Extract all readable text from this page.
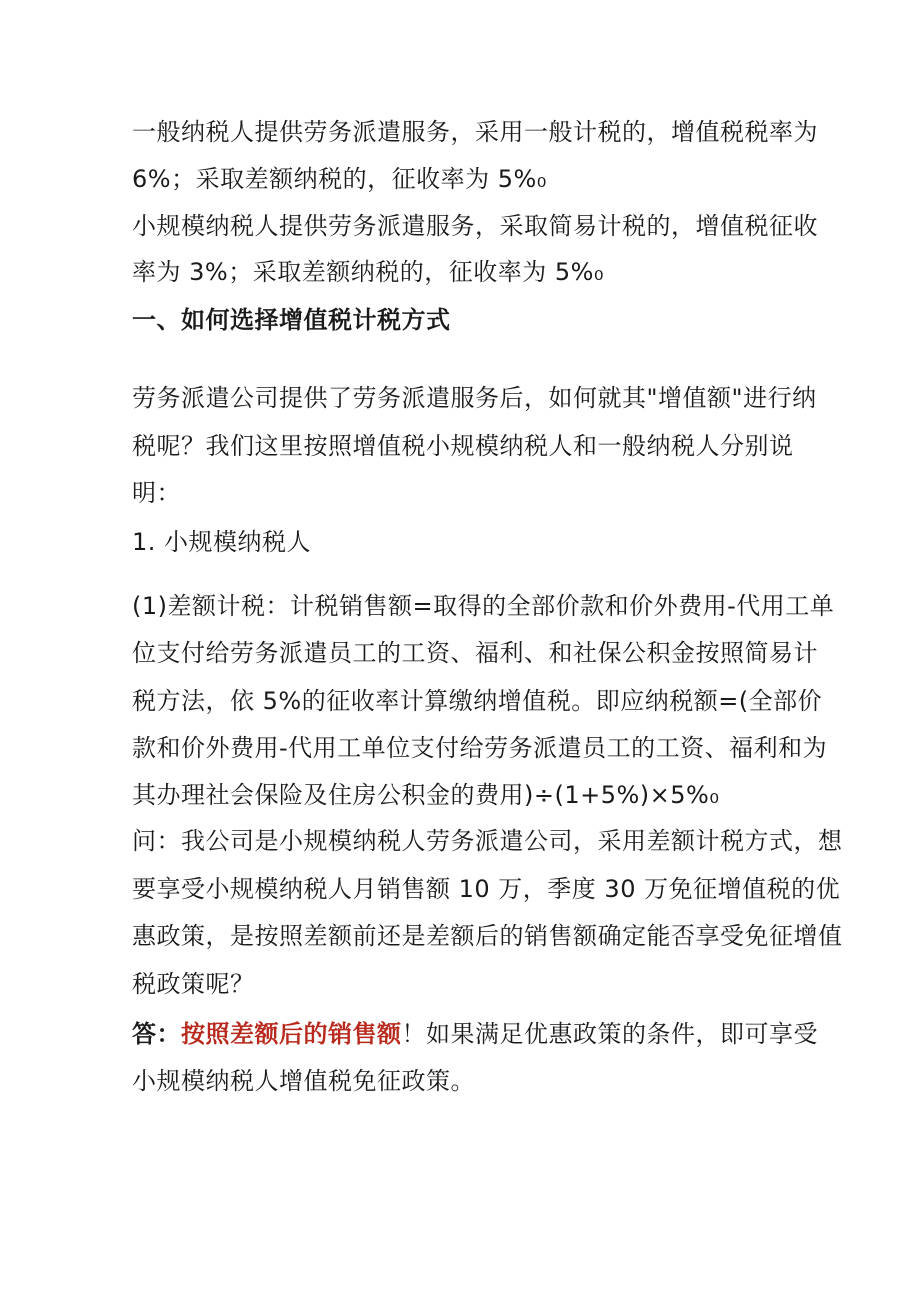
一般纳税人提供劳务派遣服务，采用一般计税的，增值税税率为
6%；采取差额纳税的，征收率为 5%₀
小规模纳税人提供劳务派遣服务，采取简易计税的，增值税征收
率为 3%；采取差额纳税的，征收率为 5%₀
一、如何选择增值税计税方式
劳务派遣公司提供了劳务派遣服务后，如何就其"增值额"进行纳
税呢？我们这里按照增值税小规模纳税人和一般纳税人分别说
明：
1. 小规模纳税人
(1)差额计税：计税销售额=取得的全部价款和价外费用-代用工单
位支付给劳务派遣员工的工资、福利、和社保公积金按照简易计
税方法，依 5%的征收率计算缴纳增值税。即应纳税额=(全部价
款和价外费用-代用工单位支付给劳务派遣员工的工资、福利和为
其办理社会保险及住房公积金的费用)÷(1+5%)×5%₀
问：我公司是小规模纳税人劳务派遣公司，采用差额计税方式，想
要享受小规模纳税人月销售额 10 万，季度 30 万免征增值税的优
惠政策，是按照差额前还是差额后的销售额确定能否享受免征增值
税政策呢？
答：按照差额后的销售额！如果满足优惠政策的条件，即可享受
小规模纳税人增值税免征政策。
